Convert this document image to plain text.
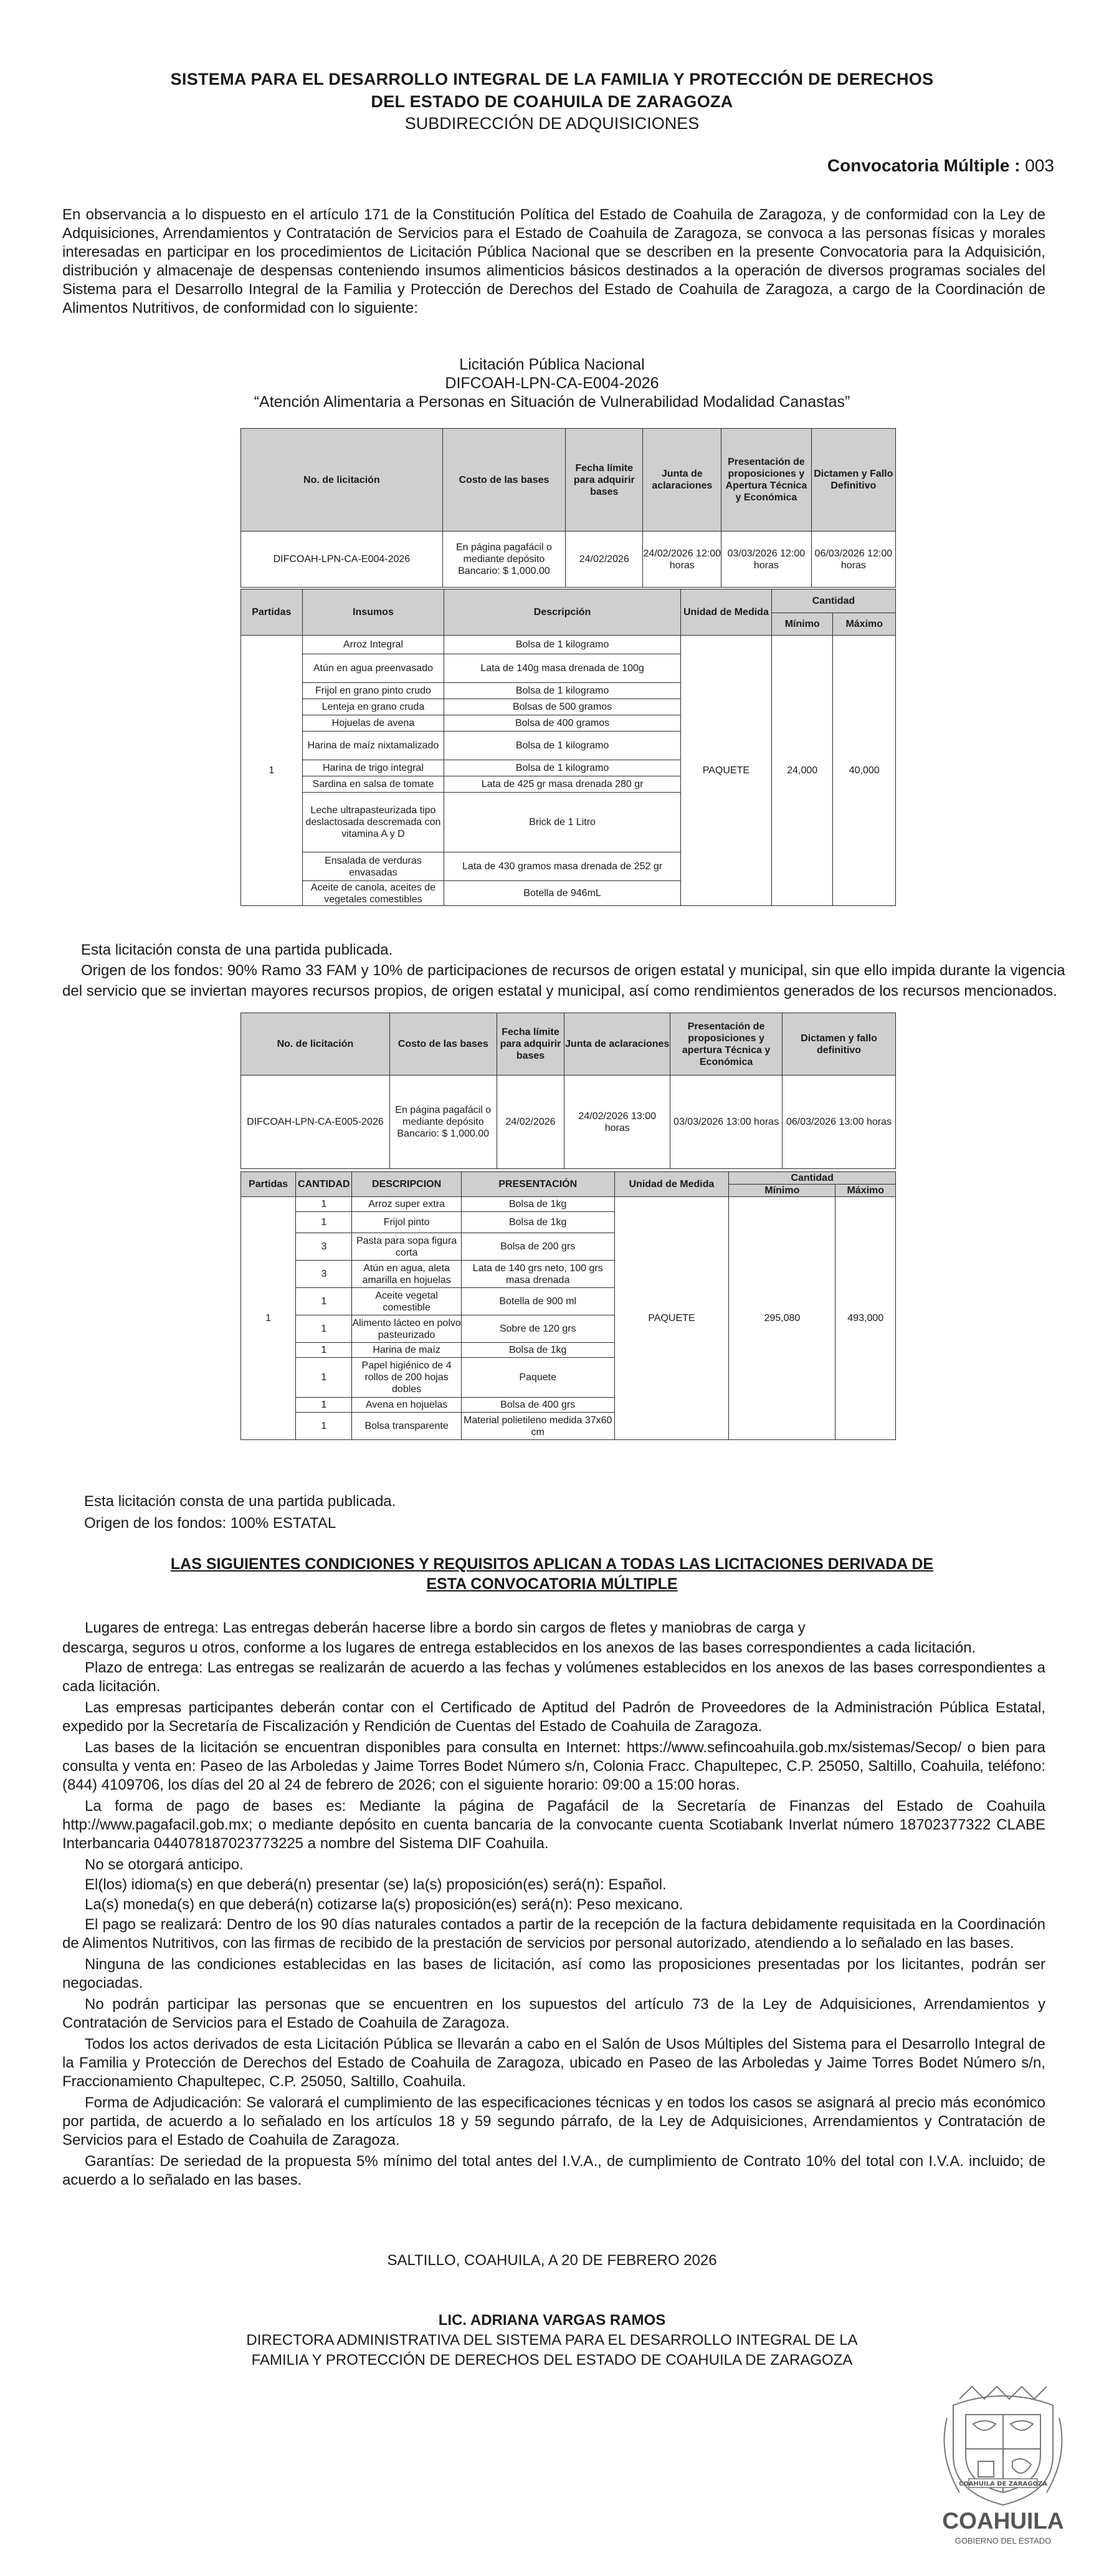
SISTEMA PARA EL DESARROLLO INTEGRAL DE LA FAMILIA Y PROTECCIÓN DE DERECHOS
DEL ESTADO DE COAHUILA DE ZARAGOZA
SUBDIRECCIÓN DE ADQUISICIONES
Convocatoria Múltiple : 003
En observancia a lo dispuesto en el artículo 171 de la Constitución Política del Estado de Coahuila de Zaragoza, y de conformidad con la Ley de Adquisiciones, Arrendamientos y Contratación de Servicios para el Estado de Coahuila de Zaragoza, se convoca a las personas físicas y morales interesadas en participar en los procedimientos de Licitación Pública Nacional que se describen en la presente Convocatoria para la Adquisición, distribución y almacenaje de despensas conteniendo insumos alimenticios básicos destinados a la operación de diversos programas sociales del Sistema para el Desarrollo Integral de la Familia y Protección de Derechos del Estado de Coahuila de Zaragoza, a cargo de la Coordinación de Alimentos Nutritivos, de conformidad con lo siguiente:
Licitación Pública Nacional
DIFCOAH-LPN-CA-E004-2026
“Atención Alimentaria a Personas en Situación de Vulnerabilidad Modalidad Canastas”
No. de licitación	Costo de las bases	Fecha límite para adquirir bases	Junta de aclaraciones	Presentación de proposiciones y Apertura Técnica y Económica	Dictamen y Fallo Definitivo
DIFCOAH-LPN-CA-E004-2026	En página pagafácil o mediante depósito Bancario: $ 1,000.00	24/02/2026	24/02/2026 12:00 horas	03/03/2026 12:00 horas	06/03/2026 12:00 horas
Partidas	Insumos	Descripción	Unidad de Medida	Cantidad	
				Mínimo	Máximo
1	Arroz Integral	Bolsa de 1 kilogramo	PAQUETE	24,000	40,000
	Atún en agua preenvasado	Lata de 140g masa drenada de 100g			
	Frijol en grano pinto crudo	Bolsa de 1 kilogramo			
	Lenteja en grano cruda	Bolsas de 500 gramos			
	Hojuelas de avena	Bolsa de 400 gramos			
	Harina de maíz nixtamalizado	Bolsa de 1 kilogramo			
	Harina de trigo integral	Bolsa de 1 kilogramo			
	Sardina en salsa de tomate	Lata de 425 gr masa drenada 280 gr			
	Leche ultrapasteurizada tipo deslactosada descremada con vitamina A y D	Brick de 1 Litro			
	Ensalada de verduras envasadas	Lata de 430 gramos masa drenada de 252 gr			
	Aceite de canola, aceites de vegetales comestibles	Botella de 946mL			
Esta licitación consta de una partida publicada.
Origen de los fondos: 90% Ramo 33 FAM y 10% de participaciones de recursos de origen estatal y municipal, sin que ello impida durante la vigencia
del servicio que se inviertan mayores recursos propios, de origen estatal y municipal, así como rendimientos generados de los recursos mencionados.
No. de licitación	Costo de las bases	Fecha límite para adquirir bases	Junta de aclaraciones	Presentación de proposiciones y apertura Técnica y Económica	Dictamen y fallo definitivo
DIFCOAH-LPN-CA-E005-2026	En página pagafácil o mediante depósito Bancario: $ 1,000.00	24/02/2026	24/02/2026 13:00 horas	03/03/2026 13:00 horas	06/03/2026 13:00 horas
Partidas	CANTIDAD	DESCRIPCION	PRESENTACIÓN	Unidad de Medida	Cantidad	
					Mínimo	Máximo
1	1	Arroz super extra	Bolsa de 1kg	PAQUETE	295,080	493,000
	1	Frijol pinto	Bolsa de 1kg			
	3	Pasta para sopa figura corta	Bolsa de 200 grs			
	3	Atún en agua, aleta amarilla en hojuelas	Lata de 140 grs neto, 100 grs masa drenada			
	1	Aceite vegetal comestible	Botella de 900 ml			
	1	Alimento lácteo en polvo pasteurizado	Sobre de 120 grs			
	1	Harina de maíz	Bolsa de 1kg			
	1	Papel higiénico de 4 rollos de 200 hojas dobles	Paquete			
	1	Avena en hojuelas	Bolsa de 400 grs			
	1	Bolsa transparente	Material polietileno medida 37x60 cm			
Esta licitación consta de una partida publicada.
Origen de los fondos: 100% ESTATAL
LAS SIGUIENTES CONDICIONES Y REQUISITOS APLICAN A TODAS LAS LICITACIONES DERIVADA DE
ESTA CONVOCATORIA MÚLTIPLE
Lugares de entrega: Las entregas deberán hacerse libre a bordo sin cargos de fletes y maniobras de carga y
descarga, seguros u otros, conforme a los lugares de entrega establecidos en los anexos de las bases correspondientes a cada licitación.
Plazo de entrega: Las entregas se realizarán de acuerdo a las fechas y volúmenes establecidos en los anexos de las bases correspondientes a cada licitación.
Las empresas participantes deberán contar con el Certificado de Aptitud del Padrón de Proveedores de la Administración Pública Estatal, expedido por la Secretaría de Fiscalización y Rendición de Cuentas del Estado de Coahuila de Zaragoza.
Las bases de la licitación se encuentran disponibles para consulta en Internet: https://www.sefincoahuila.gob.mx/sistemas/Secop/ o bien para consulta y venta en: Paseo de las Arboledas y Jaime Torres Bodet Número s/n, Colonia Fracc. Chapultepec, C.P. 25050, Saltillo, Coahuila, teléfono: (844) 4109706, los días del 20 al 24 de febrero de 2026; con el siguiente horario: 09:00 a 15:00 horas.
La forma de pago de bases es: Mediante la página de Pagafácil de la Secretaría de Finanzas del Estado de Coahuila http://www.pagafacil.gob.mx; o mediante depósito en cuenta bancaria de la convocante cuenta Scotiabank Inverlat número 18702377322 CLABE Interbancaria 044078187023773225 a nombre del Sistema DIF Coahuila.
No se otorgará anticipo.
El(los) idioma(s) en que deberá(n) presentar (se) la(s) proposición(es) será(n): Español.
La(s) moneda(s) en que deberá(n) cotizarse la(s) proposición(es) será(n): Peso mexicano.
El pago se realizará: Dentro de los 90 días naturales contados a partir de la recepción de la factura debidamente requisitada en la Coordinación de Alimentos Nutritivos, con las firmas de recibido de la prestación de servicios por personal autorizado, atendiendo a lo señalado en las bases.
Ninguna de las condiciones establecidas en las bases de licitación, así como las proposiciones presentadas por los licitantes, podrán ser negociadas.
No podrán participar las personas que se encuentren en los supuestos del artículo 73 de la Ley de Adquisiciones, Arrendamientos y Contratación de Servicios para el Estado de Coahuila de Zaragoza.
Todos los actos derivados de esta Licitación Pública se llevarán a cabo en el Salón de Usos Múltiples del Sistema para el Desarrollo Integral de la Familia y Protección de Derechos del Estado de Coahuila de Zaragoza, ubicado en Paseo de las Arboledas y Jaime Torres Bodet Número s/n, Fraccionamiento Chapultepec, C.P. 25050, Saltillo, Coahuila.
Forma de Adjudicación: Se valorará el cumplimiento de las especificaciones técnicas y en todos los casos se asignará al precio más económico por partida, de acuerdo a lo señalado en los artículos 18 y 59 segundo párrafo, de la Ley de Adquisiciones, Arrendamientos y Contratación de Servicios para el Estado de Coahuila de Zaragoza.
Garantías: De seriedad de la propuesta 5% mínimo del total antes del I.V.A., de cumplimiento de Contrato 10% del total con I.V.A. incluido; de acuerdo a lo señalado en las bases.
SALTILLO, COAHUILA, A 20 DE FEBRERO 2026
LIC. ADRIANA VARGAS RAMOS
DIRECTORA ADMINISTRATIVA DEL SISTEMA PARA EL DESARROLLO INTEGRAL DE LA
FAMILIA Y PROTECCIÓN DE DERECHOS DEL ESTADO DE COAHUILA DE ZARAGOZA
COAHUILA DE ZARAGOZA
COAHUILA
GOBIERNO DEL ESTADO
